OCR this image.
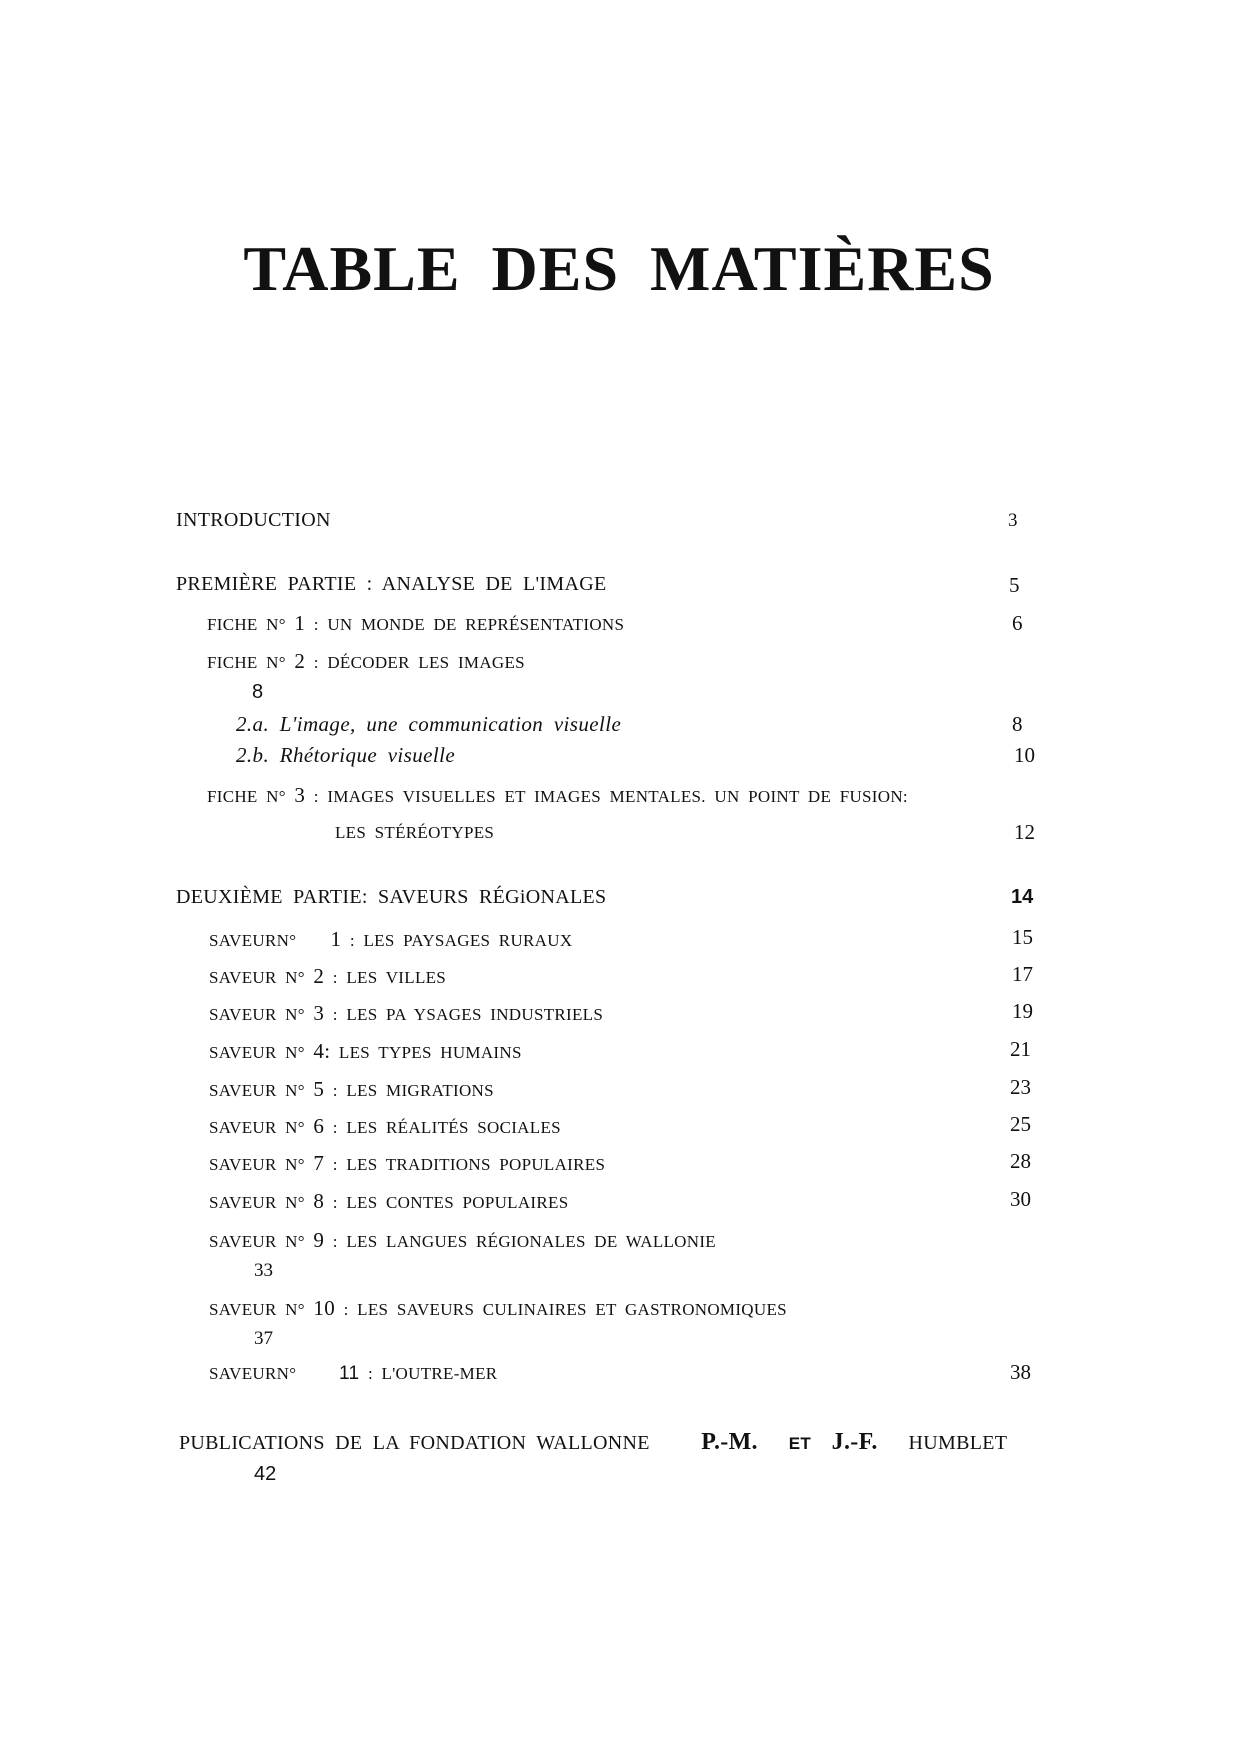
TABLE DES MATIÈRES
INTRODUCTION	3
PREMIÈRE PARTIE : ANALYSE DE L'IMAGE	5
FICHE N° 1 : UN MONDE DE REPRÉSENTATIONS	6
FICHE N° 2 : DÉCODER LES IMAGES
8
2.a. L'image, une communication visuelle	8
2.b. Rhétorique visuelle	10
FICHE N° 3 : IMAGES VISUELLES ET IMAGES MENTALES. UN POINT DE FUSION:
LES STÉRÉOTYPES	12
DEUXIÈME PARTIE: SAVEURS RÉGiONALES	14
SAVEURN° 1 : LES PAYSAGES RURAUX	15
SAVEUR N° 2 : LES VILLES	17
SAVEUR N° 3 : LES PA YSAGES INDUSTRIELS	19
SAVEUR N° 4: LES TYPES HUMAINS	21
SAVEUR N° 5 : LES MIGRATIONS	23
SAVEUR N° 6 : LES RÉALITÉS SOCIALES	25
SAVEUR N° 7 : LES TRADITIONS POPULAIRES	28
SAVEUR N° 8 : LES CONTES POPULAIRES	30
SAVEUR N° 9 : LES LANGUES RÉGIONALES DE WALLONIE
33
SAVEUR N° 10 : LES SAVEURS CULINAIRES ET GASTRONOMIQUES
37
SAVEURN° 11 : L'OUTRE-MER	38
PUBLICATIONS DE LA FONDATION WALLONNE P.-M. ET J.-F. HUMBLET
42
